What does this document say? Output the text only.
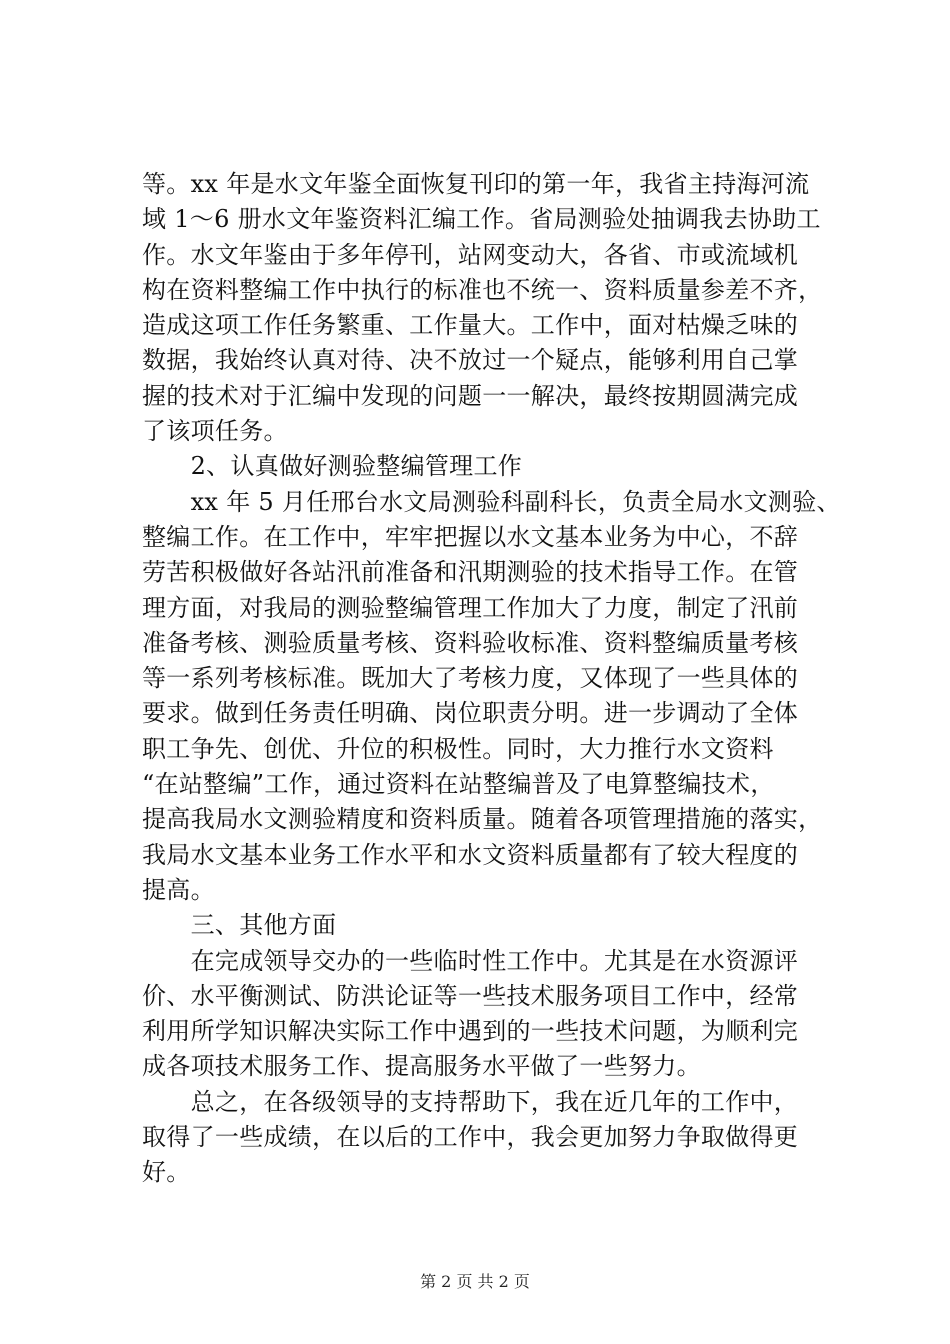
等。xx 年是水文年鉴全面恢复刊印的第一年，我省主持海河流
域 1～6 册水文年鉴资料汇编工作。省局测验处抽调我去协助工
作。水文年鉴由于多年停刊，站网变动大，各省、市或流域机
构在资料整编工作中执行的标准也不统一、资料质量参差不齐，
造成这项工作任务繁重、工作量大。工作中，面对枯燥乏味的
数据，我始终认真对待、决不放过一个疑点，能够利用自己掌
握的技术对于汇编中发现的问题一一解决，最终按期圆满完成
了该项任务。
　　2、认真做好测验整编管理工作
　　xx 年 5 月任邢台水文局测验科副科长，负责全局水文测验、
整编工作。在工作中，牢牢把握以水文基本业务为中心，不辞
劳苦积极做好各站汛前准备和汛期测验的技术指导工作。在管
理方面，对我局的测验整编管理工作加大了力度，制定了汛前
准备考核、测验质量考核、资料验收标准、资料整编质量考核
等一系列考核标准。既加大了考核力度，又体现了一些具体的
要求。做到任务责任明确、岗位职责分明。进一步调动了全体
职工争先、创优、升位的积极性。同时，大力推行水文资料
“在站整编”工作，通过资料在站整编普及了电算整编技术，
提高我局水文测验精度和资料质量。随着各项管理措施的落实，
我局水文基本业务工作水平和水文资料质量都有了较大程度的
提高。
　　三、其他方面
　　在完成领导交办的一些临时性工作中。尤其是在水资源评
价、水平衡测试、防洪论证等一些技术服务项目工作中，经常
利用所学知识解决实际工作中遇到的一些技术问题，为顺利完
成各项技术服务工作、提高服务水平做了一些努力。
　　总之，在各级领导的支持帮助下，我在近几年的工作中，
取得了一些成绩，在以后的工作中，我会更加努力争取做得更
好。
第 2 页 共 2 页
